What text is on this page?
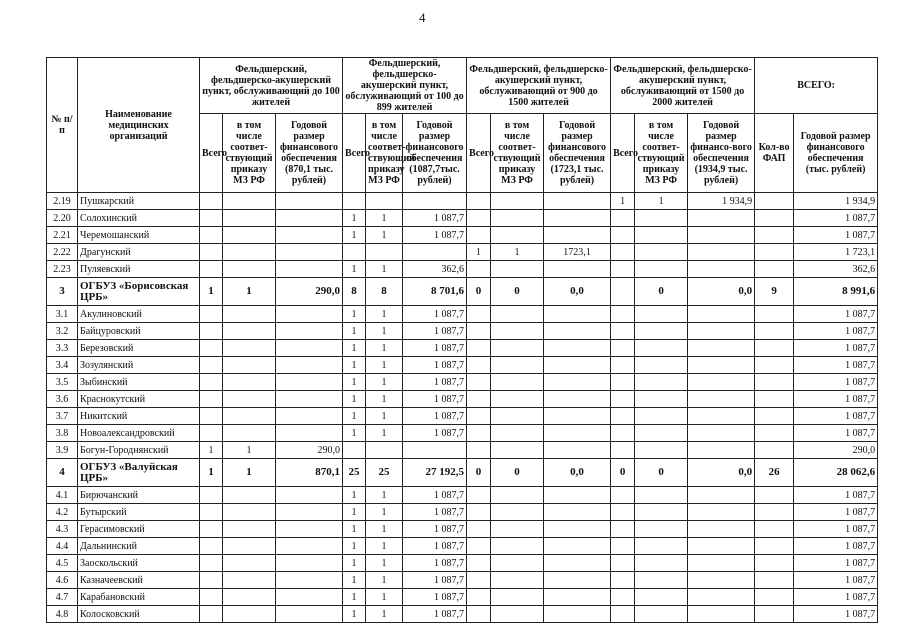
4
№ п/п	Наименование медицинских организаций	Фельдшерский, фельдшерско-акушерский пункт, обслуживающий до 100 жителей			Фельдшерский, фельдшерско-акушерский пункт, обслуживающий от 100 до 899 жителей			Фельдшерский, фельдшерско-акушерский пункт, обслуживающий от 900 до 1500 жителей			Фельдшерский, фельдшерско-акушерский пункт, обслуживающий от 1500 до 2000 жителей			ВСЕГО:	
		Всего	в том числе соответ-ствующий приказу МЗ РФ	Годовой размер финансового обеспечения (870,1 тыс. рублей)	Всего	в том числе соответ-ствующий приказу МЗ РФ	Годовой размер финансового обеспечения (1087,7тыс. рублей)	Всего	в том числе соответ-ствующий приказу МЗ РФ	Годовой размер финансового обеспечения (1723,1 тыс. рублей)	Всего	в том числе соответ-ствующий приказу МЗ РФ	Годовой размер финансо-вого обеспечения (1934,9 тыс. рублей)	Кол-во ФАП	Годовой размер финансового обеспечения (тыс. рублей)
2.19	Пушкарский										1	1	1 934,9		1 934,9
2.20	Солохинский				1	1	1 087,7								1 087,7
2.21	Черемошанский				1	1	1 087,7								1 087,7
2.22	Драгунский							1	1	1723,1					1 723,1
2.23	Пуляевский				1	1	362,6								362,6
3	ОГБУЗ «Борисовская ЦРБ»	1	1	290,0	8	8	8 701,6	0	0	0,0		0	0,0	9	8 991,6
3.1	Акулиновский				1	1	1 087,7								1 087,7
3.2	Байцуровский				1	1	1 087,7								1 087,7
3.3	Березовский				1	1	1 087,7								1 087,7
3.4	Зозулянский				1	1	1 087,7								1 087,7
3.5	Зыбинский				1	1	1 087,7								1 087,7
3.6	Краснокутский				1	1	1 087,7								1 087,7
3.7	Никитский				1	1	1 087,7								1 087,7
3.8	Новоалександровский				1	1	1 087,7								1 087,7
3.9	Богун-Городнянский	1	1	290,0											290,0
4	ОГБУЗ «Валуйская ЦРБ»	1	1	870,1	25	25	27 192,5	0	0	0,0	0	0	0,0	26	28 062,6
4.1	Бирючанский				1	1	1 087,7								1 087,7
4.2	Бутырский				1	1	1 087,7								1 087,7
4.3	Герасимовский				1	1	1 087,7								1 087,7
4.4	Дальнинский				1	1	1 087,7								1 087,7
4.5	Заоскольский				1	1	1 087,7								1 087,7
4.6	Казначеевский				1	1	1 087,7								1 087,7
4.7	Карабановский				1	1	1 087,7								1 087,7
4.8	Колосковский				1	1	1 087,7								1 087,7
